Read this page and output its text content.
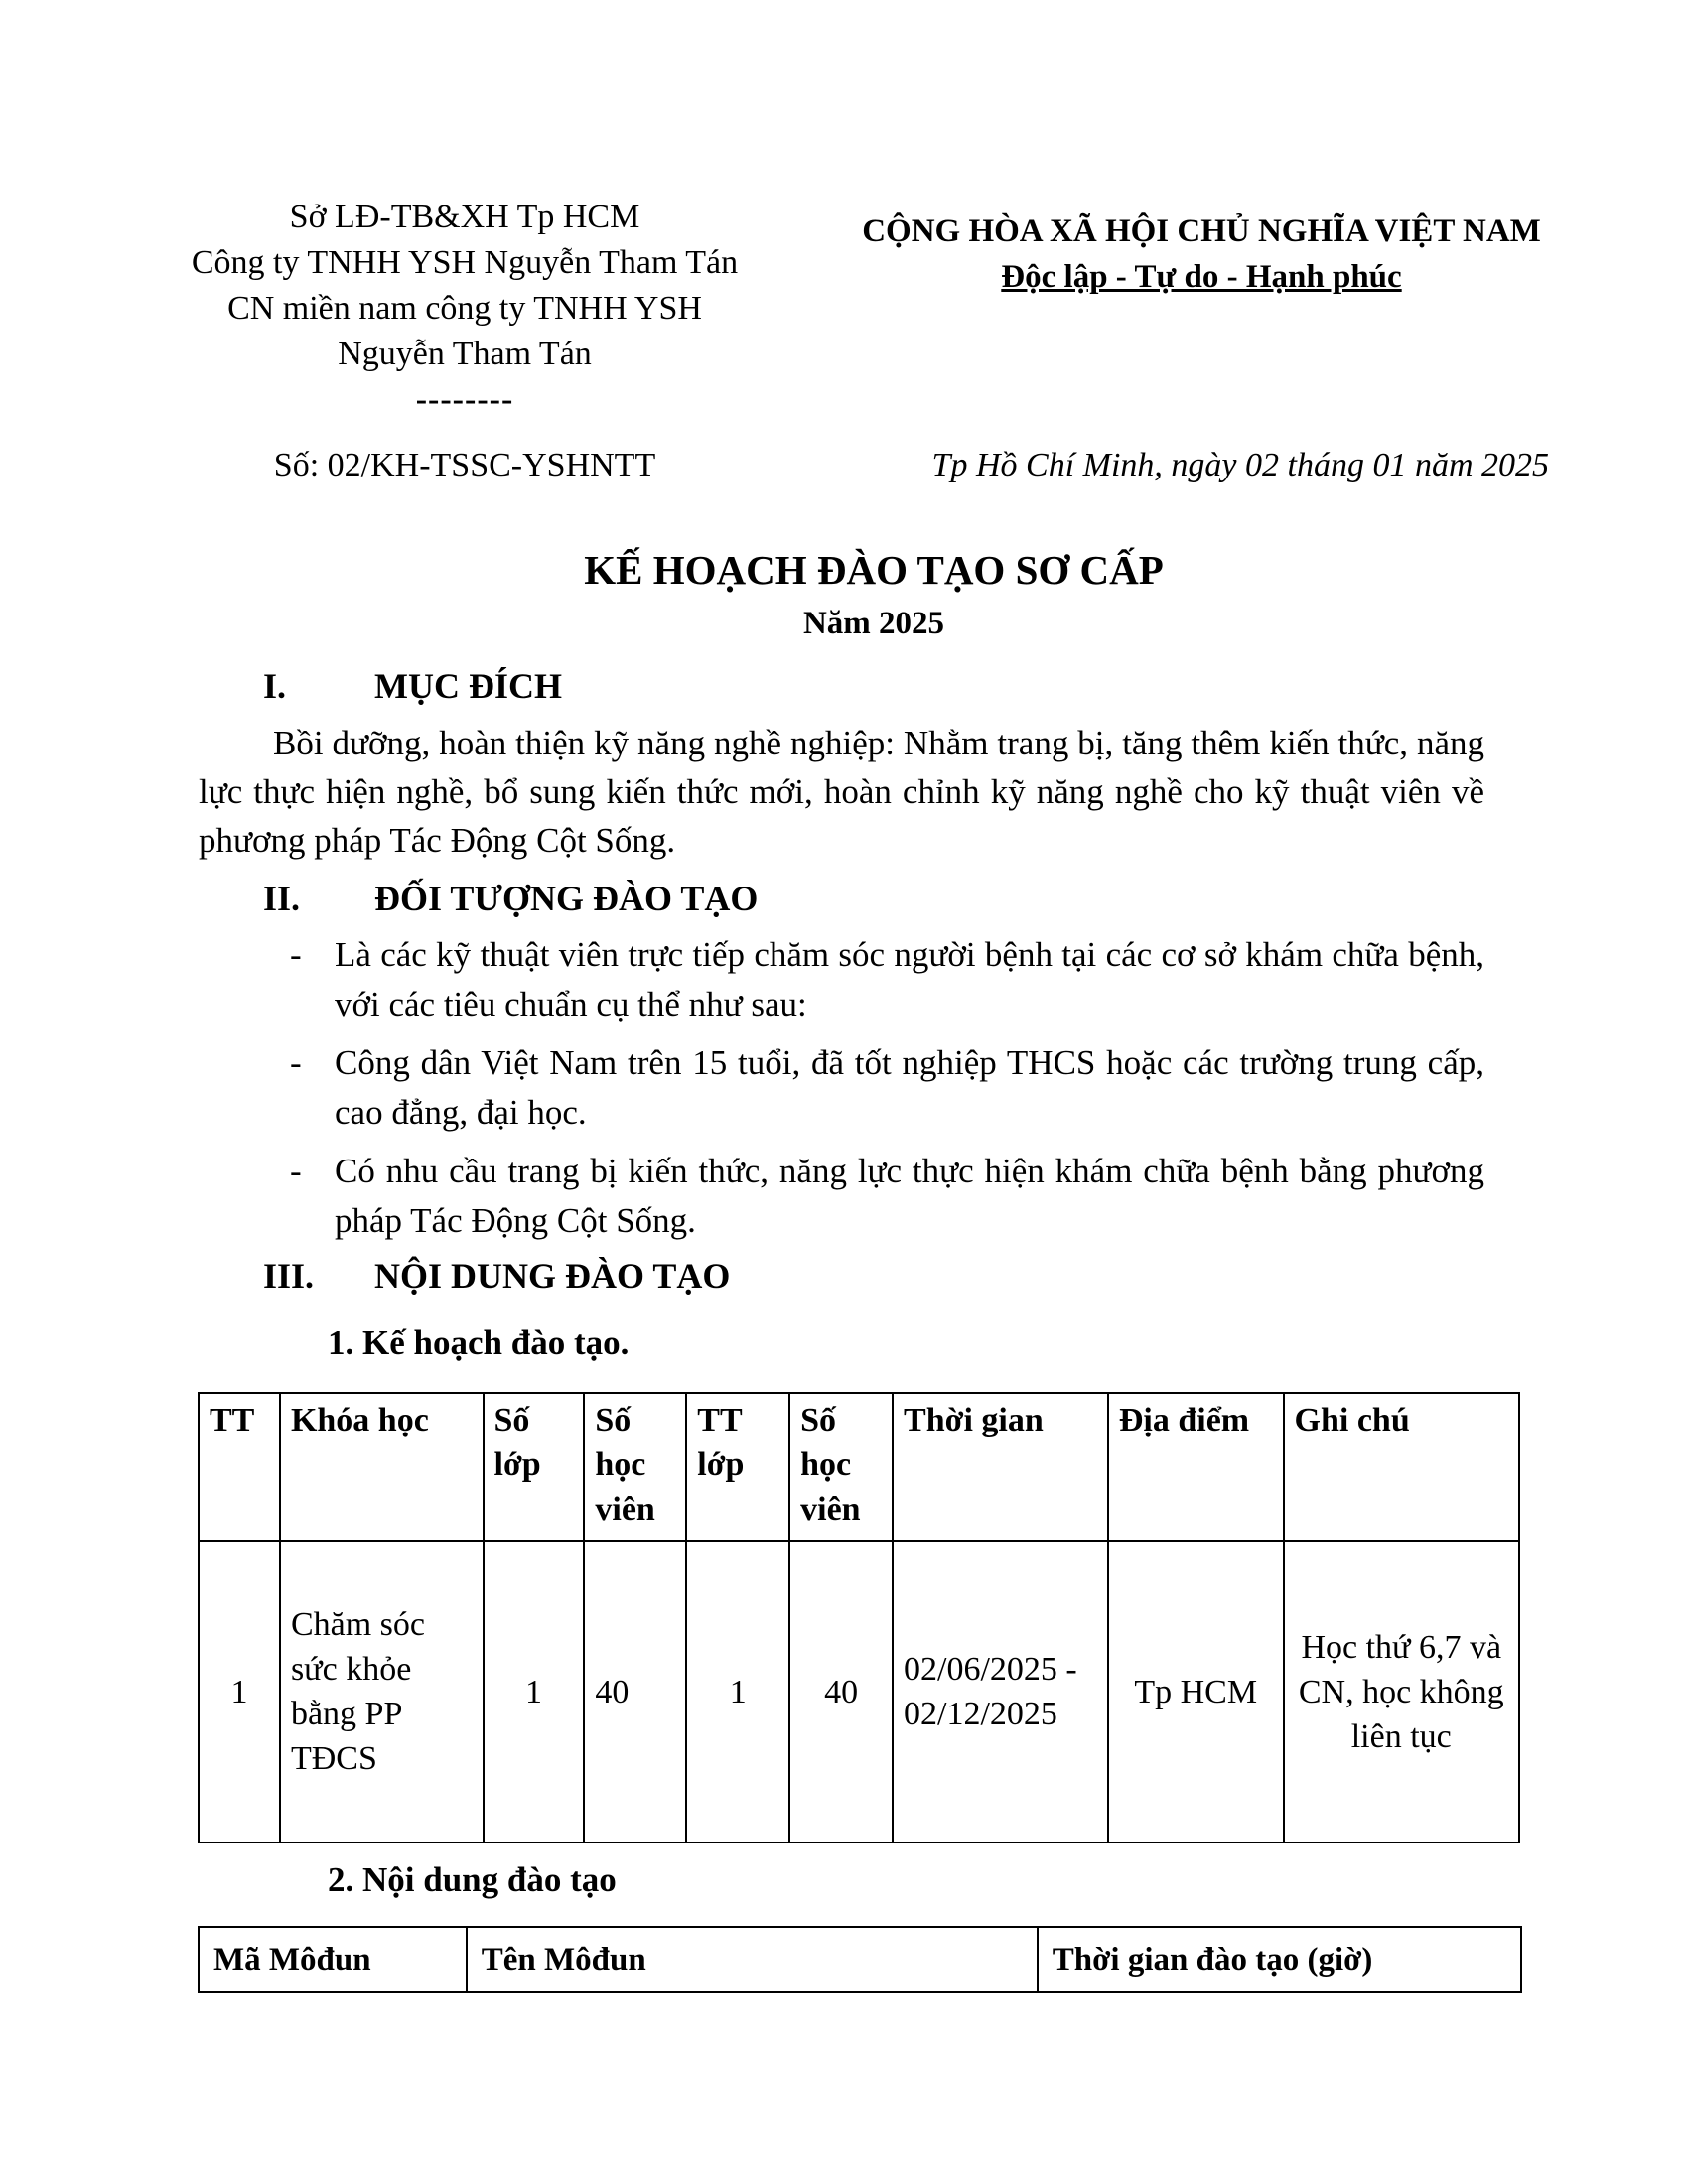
Sở LĐ-TB&XH Tp HCM
Công ty TNHH YSH Nguyễn Tham Tán
CN miền nam công ty TNHH YSH
Nguyễn Tham Tán
--------
CỘNG HÒA XÃ HỘI CHỦ NGHĨA VIỆT NAM
Độc lập - Tự do - Hạnh phúc
Số: 02/KH-TSSC-YSHNTT	Tp Hồ Chí Minh, ngày 02 tháng 01 năm 2025
KẾ HOẠCH ĐÀO TẠO SƠ CẤP
Năm 2025
I. MỤC ĐÍCH
Bồi dưỡng, hoàn thiện kỹ năng nghề nghiệp: Nhằm trang bị, tăng thêm kiến thức, năng lực thực hiện nghề, bổ sung kiến thức mới, hoàn chỉnh kỹ năng nghề cho kỹ thuật viên về phương pháp Tác Động Cột Sống.
II. ĐỐI TƯỢNG ĐÀO TẠO
- Là các kỹ thuật viên trực tiếp chăm sóc người bệnh tại các cơ sở khám chữa bệnh, với các tiêu chuẩn cụ thể như sau:
- Công dân Việt Nam trên 15 tuổi, đã tốt nghiệp THCS hoặc các trường trung cấp, cao đẳng, đại học.
- Có nhu cầu trang bị kiến thức, năng lực thực hiện khám chữa bệnh bằng phương pháp Tác Động Cột Sống.
III. NỘI DUNG ĐÀO TẠO
1. Kế hoạch đào tạo.
TT	Khóa học	Số lớp	Số học viên	TT lớp	Số học viên	Thời gian	Địa điểm	Ghi chú
1	Chăm sóc sức khỏe bằng PP TĐCS	1	40	1	40	02/06/2025 - 02/12/2025	Tp HCM	Học thứ 6,7 và CN, học không liên tục
2. Nội dung đào tạo
Mã Môđun	Tên Môđun	Thời gian đào tạo (giờ)
